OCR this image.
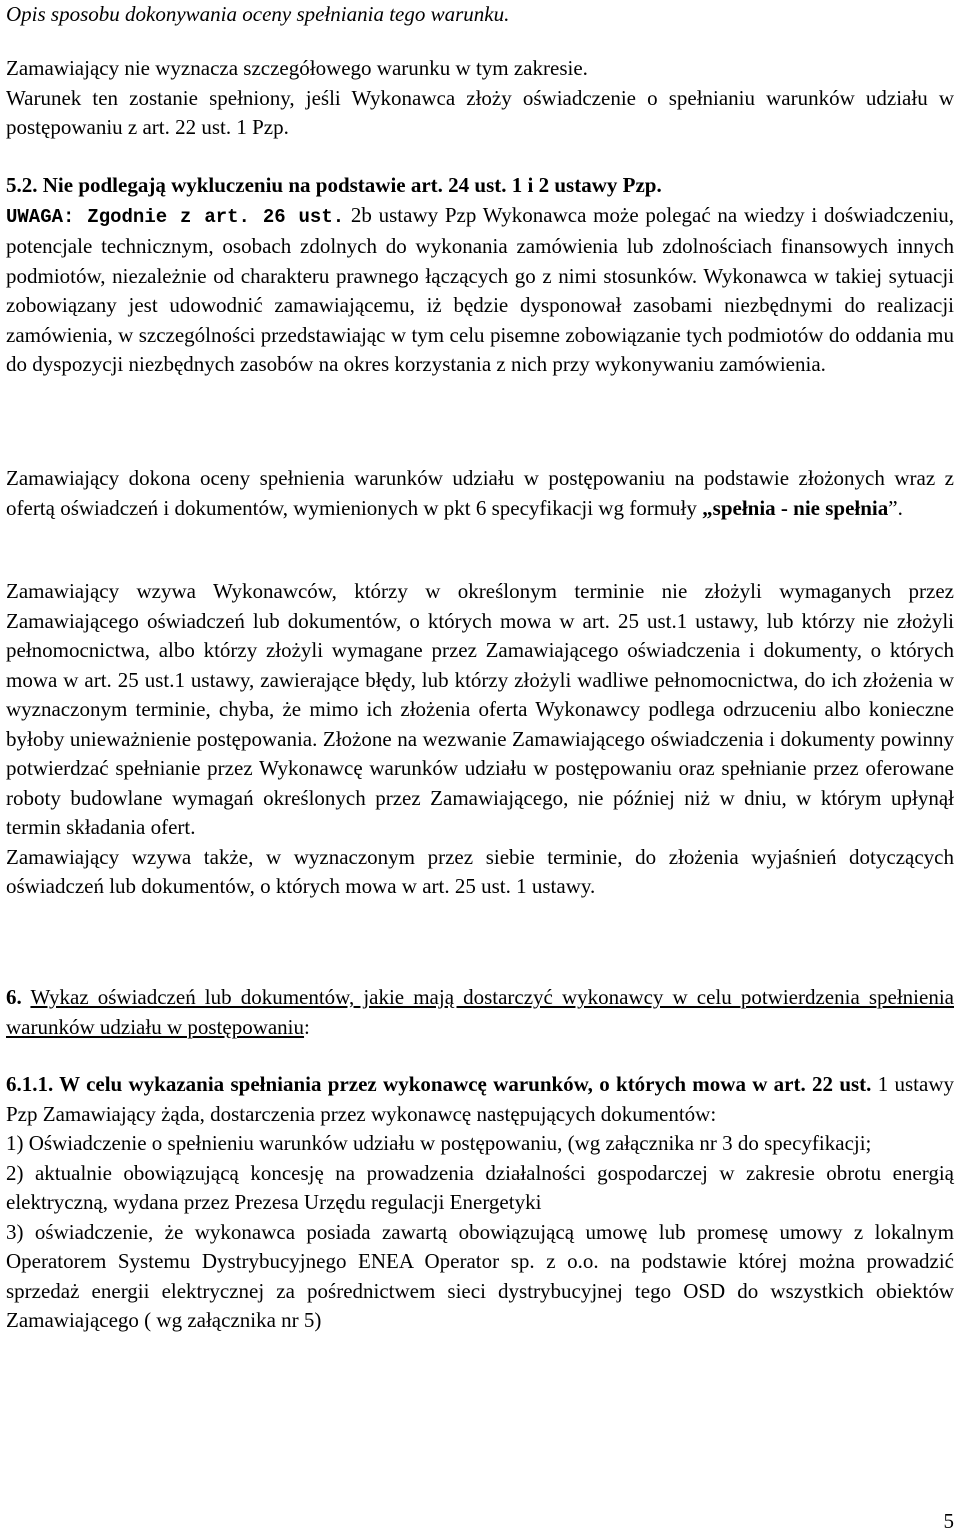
Opis sposobu dokonywania oceny spełniania tego warunku.

Zamawiający nie wyznacza szczegółowego warunku w tym zakresie.

Warunek ten zostanie spełniony, jeśli Wykonawca złoży oświadczenie o spełnianiu warunków udziału w postępowaniu z art. 22 ust. 1 Pzp.

5.2. Nie podlegają wykluczeniu na podstawie art. 24 ust. 1 i 2 ustawy Pzp.

UWAGA: Zgodnie z art. 26 ust. 2b ustawy Pzp Wykonawca może polegać na wiedzy i doświadczeniu, potencjale technicznym, osobach zdolnych do wykonania zamówienia lub zdolnościach finansowych innych podmiotów, niezależnie od charakteru prawnego łączących go z nimi stosunków. Wykonawca w takiej sytuacji zobowiązany jest udowodnić zamawiającemu, iż będzie dysponował zasobami niezbędnymi do realizacji zamówienia, w szczególności przedstawiając w tym celu pisemne zobowiązanie tych podmiotów do oddania mu do dyspozycji niezbędnych zasobów na okres korzystania z nich przy wykonywaniu zamówienia.

Zamawiający dokona oceny spełnienia warunków udziału w postępowaniu na podstawie złożonych wraz z ofertą oświadczeń i dokumentów, wymienionych w pkt 6 specyfikacji wg formuły „spełnia - nie spełnia”.

Zamawiający wzywa Wykonawców, którzy w określonym terminie nie złożyli wymaganych przez Zamawiającego oświadczeń lub dokumentów, o których mowa w art. 25 ust.1 ustawy, lub którzy nie złożyli pełnomocnictwa, albo którzy złożyli wymagane przez Zamawiającego oświadczenia i dokumenty, o których mowa w art. 25 ust.1 ustawy, zawierające błędy, lub którzy złożyli wadliwe pełnomocnictwa, do ich złożenia w wyznaczonym terminie, chyba, że mimo ich złożenia oferta Wykonawcy podlega odrzuceniu albo konieczne byłoby unieważnienie postępowania. Złożone na wezwanie Zamawiającego oświadczenia i dokumenty powinny potwierdzać spełnianie przez Wykonawcę warunków udziału w postępowaniu oraz spełnianie przez oferowane roboty budowlane wymagań określonych przez Zamawiającego, nie później niż w dniu, w którym upłynął termin składania ofert.

Zamawiający wzywa także, w wyznaczonym przez siebie terminie, do złożenia wyjaśnień dotyczących oświadczeń lub dokumentów, o których mowa w art. 25 ust. 1 ustawy.

6. Wykaz oświadczeń lub dokumentów, jakie mają dostarczyć wykonawcy w celu potwierdzenia spełnienia warunków udziału w postępowaniu:

6.1.1. W celu wykazania spełniania przez wykonawcę warunków, o których mowa w art. 22 ust. 1 ustawy Pzp Zamawiający żąda, dostarczenia przez wykonawcę następujących dokumentów:

1) Oświadczenie o spełnieniu warunków udziału w postępowaniu, (wg załącznika nr 3 do specyfikacji;

2) aktualnie obowiązującą koncesję na prowadzenia działalności gospodarczej w zakresie obrotu energią elektryczną, wydana przez Prezesa Urzędu regulacji Energetyki

3) oświadczenie, że wykonawca posiada zawartą obowiązującą umowę lub promesę umowy z lokalnym Operatorem Systemu Dystrybucyjnego ENEA Operator sp. z o.o. na podstawie której można prowadzić sprzedaż energii elektrycznej za pośrednictwem sieci dystrybucyjnej tego OSD do wszystkich obiektów Zamawiającego ( wg załącznika nr 5)

5
